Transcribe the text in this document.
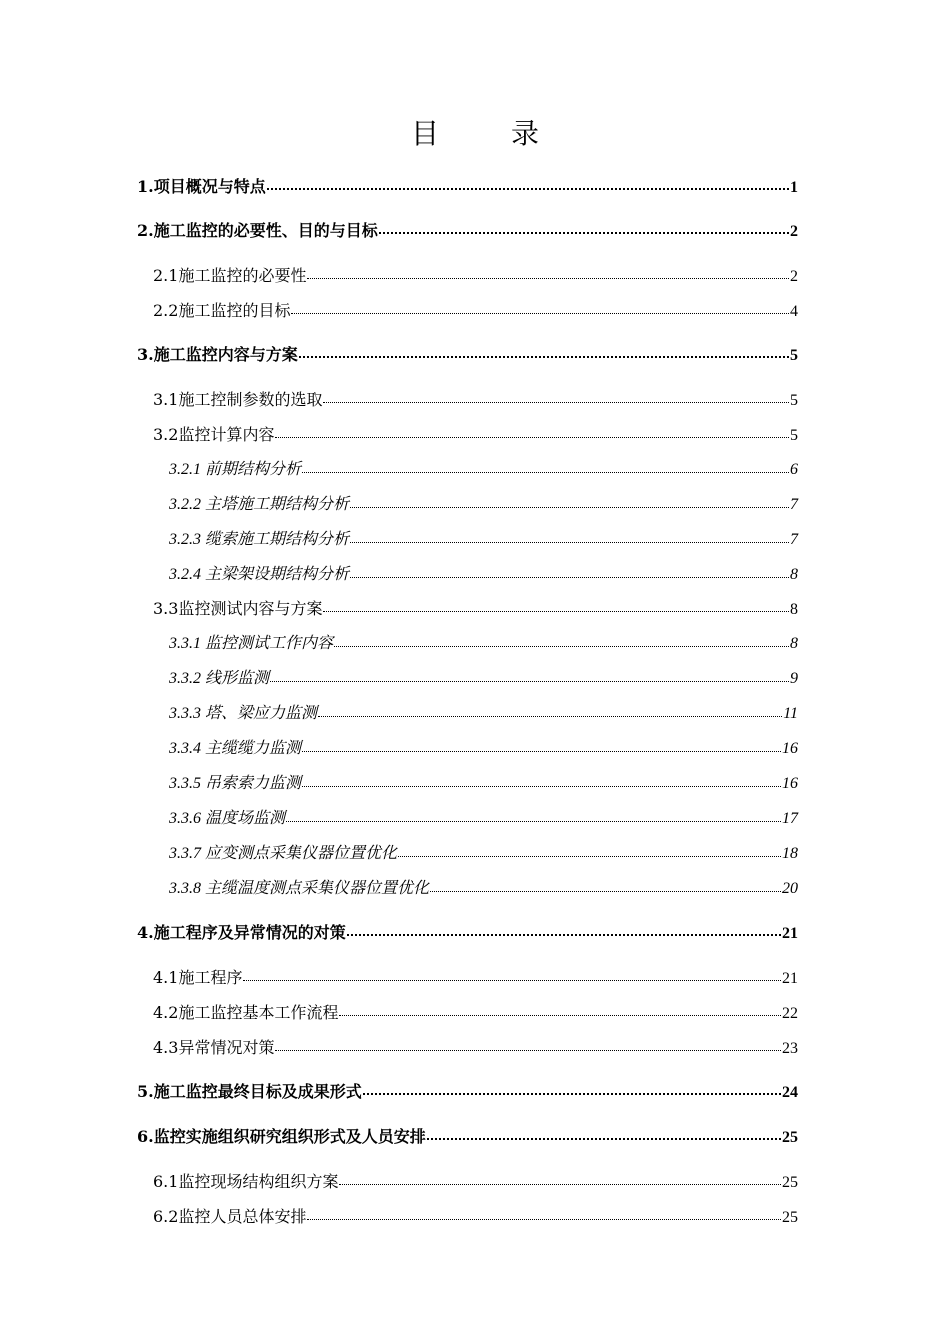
目　录
1.项目概况与特点	1
2.施工监控的必要性、目的与目标	2
2.1施工监控的必要性	2
2.2施工监控的目标	4
3.施工监控内容与方案	5
3.1施工控制参数的选取	5
3.2监控计算内容	5
3.2.1 前期结构分析	6
3.2.2 主塔施工期结构分析	7
3.2.3 缆索施工期结构分析	7
3.2.4 主梁架设期结构分析	8
3.3监控测试内容与方案	8
3.3.1 监控测试工作内容	8
3.3.2 线形监测	9
3.3.3 塔、梁应力监测	11
3.3.4 主缆缆力监测	16
3.3.5 吊索索力监测	16
3.3.6 温度场监测	17
3.3.7 应变测点采集仪器位置优化	18
3.3.8 主缆温度测点采集仪器位置优化	20
4.施工程序及异常情况的对策	21
4.1施工程序	21
4.2施工监控基本工作流程	22
4.3异常情况对策	23
5.施工监控最终目标及成果形式	24
6.监控实施组织研究组织形式及人员安排	25
6.1监控现场结构组织方案	25
6.2监控人员总体安排	25
